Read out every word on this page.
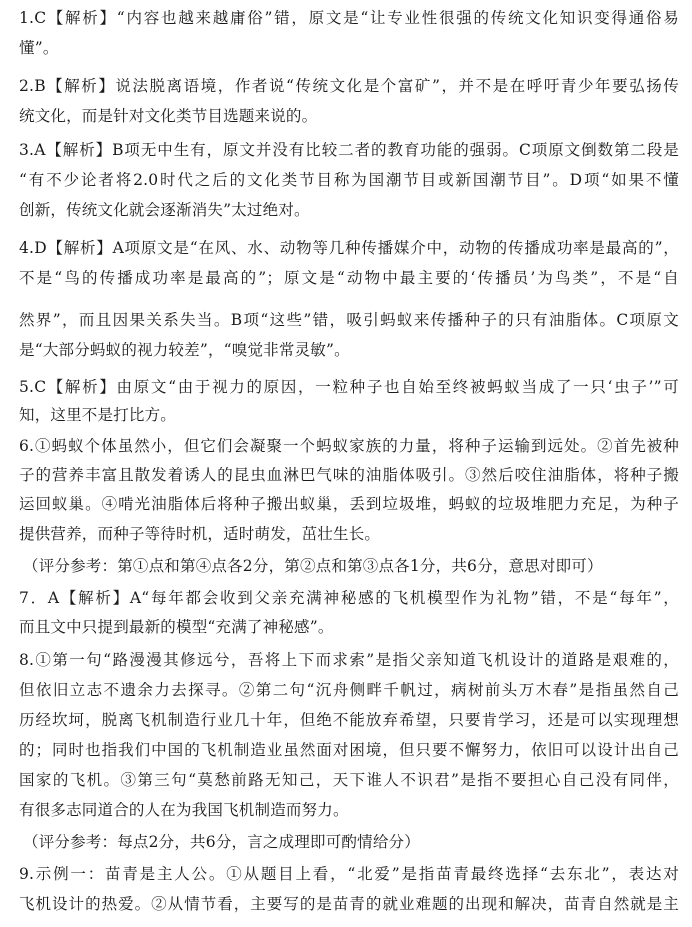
1.C【解析】“内容也越来越庸俗”错，原文是“让专业性很强的传统文化知识变得通俗易
懂”。
2.B【解析】说法脱离语境，作者说“传统文化是个富矿”，并不是在呼吁青少年要弘扬传
统文化，而是针对文化类节目选题来说的。
3.A【解析】B项无中生有，原文并没有比较二者的教育功能的强弱。C项原文倒数第二段是
“有不少论者将2.0时代之后的文化类节目称为国潮节目或新国潮节目”。D项“如果不懂
创新，传统文化就会逐渐消失”太过绝对。
4.D【解析】A项原文是“在风、水、动物等几种传播媒介中，动物的传播成功率是最高的”，
不是“鸟的传播成功率是最高的”；原文是“动物中最主要的‘传播员’为鸟类”，不是“自
然界”，而且因果关系失当。B项“这些”错，吸引蚂蚁来传播种子的只有油脂体。C项原文
是“大部分蚂蚁的视力较差”，“嗅觉非常灵敏”。
5.C【解析】由原文“由于视力的原因，一粒种子也自始至终被蚂蚁当成了一只‘虫子’”可
知，这里不是打比方。
6.①蚂蚁个体虽然小，但它们会凝聚一个蚂蚁家族的力量，将种子运输到远处。②首先被种
子的营养丰富且散发着诱人的昆虫血淋巴气味的油脂体吸引。③然后咬住油脂体，将种子搬
运回蚁巢。④啃光油脂体后将种子搬出蚁巢，丢到垃圾堆，蚂蚁的垃圾堆肥力充足，为种子
提供营养，而种子等待时机，适时萌发，茁壮生长。
（评分参考：第①点和第④点各2分，第②点和第③点各1分，共6分，意思对即可）
7．A【解析】A“每年都会收到父亲充满神秘感的飞机模型作为礼物”错，不是“每年”，
而且文中只提到最新的模型“充满了神秘感”。
8.①第一句“路漫漫其修远兮，吾将上下而求索”是指父亲知道飞机设计的道路是艰难的，
但依旧立志不遗余力去探寻。②第二句“沉舟侧畔千帆过，病树前头万木春”是指虽然自己
历经坎坷，脱离飞机制造行业几十年，但绝不能放弃希望，只要肯学习，还是可以实现理想
的；同时也指我们中国的飞机制造业虽然面对困境，但只要不懈努力，依旧可以设计出自己
国家的飞机。③第三句“莫愁前路无知己，天下谁人不识君”是指不要担心自己没有同伴，
有很多志同道合的人在为我国飞机制造而努力。
（评分参考：每点2分，共6分，言之成理即可酌情给分）
9.示例一：苗青是主人公。①从题目上看，“北爱”是指苗青最终选择“去东北”，表达对
飞机设计的热爱。②从情节看，主要写的是苗青的就业难题的出现和解决，苗青自然就是主
